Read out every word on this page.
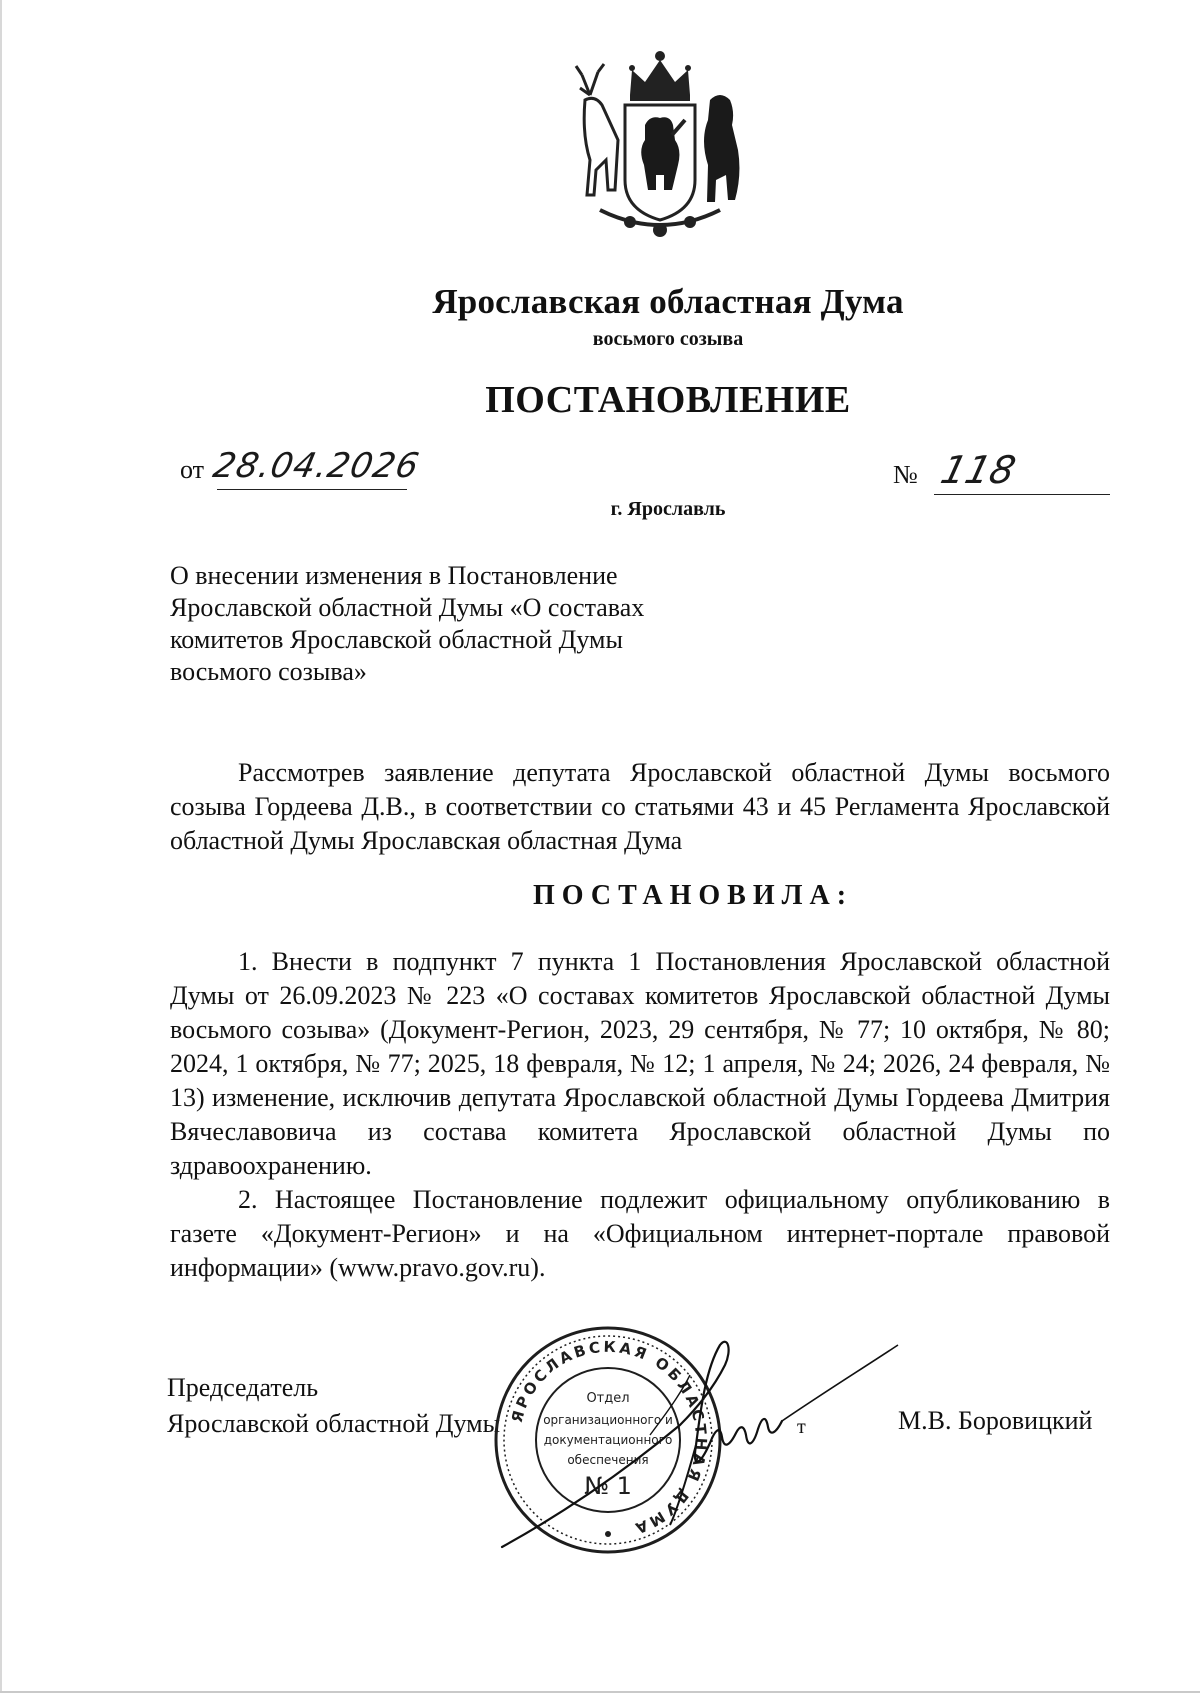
Ярославская областная Дума
восьмого созыва
ПОСТАНОВЛЕНИЕ
от 28.04.2026	№ 118
г. Ярославль
О внесении изменения в Постановление Ярославской областной Думы «О составах комитетов Ярославской областной Думы восьмого созыва»

Рассмотрев заявление депутата Ярославской областной Думы восьмого созыва Гордеева Д.В., в соответствии со статьями 43 и 45 Регламента Ярославской областной Думы Ярославская областная Дума

ПОСТАНОВИЛА:

1. Внести в подпункт 7 пункта 1 Постановления Ярославской областной Думы от 26.09.2023 № 223 «О составах комитетов Ярославской областной Думы восьмого созыва» (Документ-Регион, 2023, 29 сентября, № 77; 10 октября, № 80; 2024, 1 октября, № 77; 2025, 18 февраля, № 12; 1 апреля, № 24; 2026, 24 февраля, № 13) изменение, исключив депутата Ярославской областной Думы Гордеева Дмитрия Вячеславовича из состава комитета Ярославской областной Думы по здравоохранению.

2. Настоящее Постановление подлежит официальному опубликованию в газете «Документ-Регион» и на «Официальном интернет-портале правовой информации» (www.pravo.gov.ru).

Председатель
Ярославской областной Думы	т	М.В. Боровицкий
ЯРОСЛАВСКАЯ ОБЛАСТНАЯ ДУМА
Отдел
организационного и
документационного
обеспечения
№ 1
